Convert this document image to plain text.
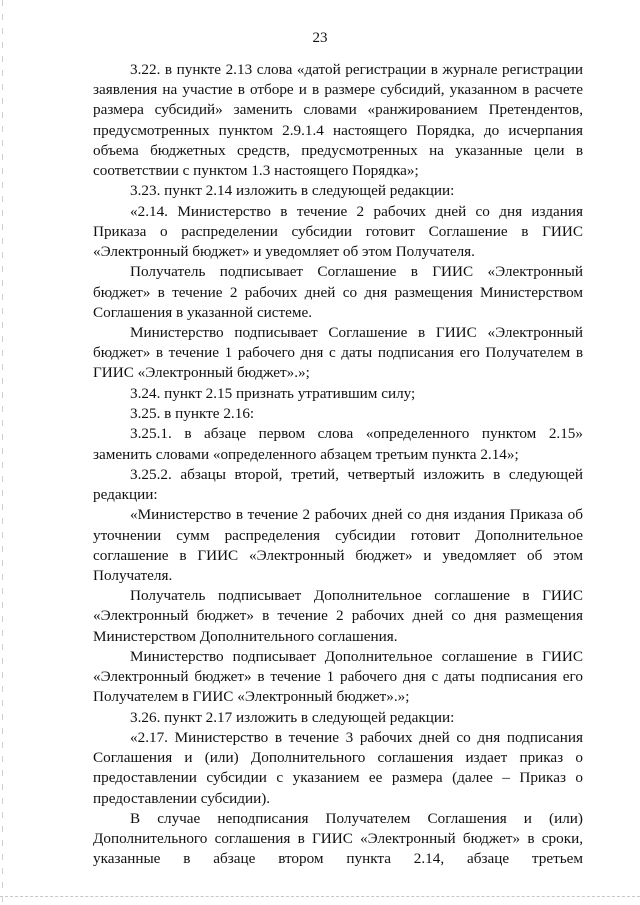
23

3.22. в пункте 2.13 слова «датой регистрации в журнале регистрации заявления на участие в отборе и в размере субсидий, указанном в расчете размера субсидий» заменить словами «ранжированием Претендентов, предусмотренных пунктом 2.9.1.4 настоящего Порядка, до исчерпания объема бюджетных средств, предусмотренных на указанные цели в соответствии с пунктом 1.3 настоящего Порядка»;

3.23. пункт 2.14 изложить в следующей редакции:

«2.14. Министерство в течение 2 рабочих дней со дня издания Приказа о распределении субсидии готовит Соглашение в ГИИС «Электронный бюджет» и уведомляет об этом Получателя.

Получатель подписывает Соглашение в ГИИС «Электронный бюджет» в течение 2 рабочих дней со дня размещения Министерством Соглашения в указанной системе.

Министерство подписывает Соглашение в ГИИС «Электронный бюджет» в течение 1 рабочего дня с даты подписания его Получателем в ГИИС «Электронный бюджет».»;

3.24. пункт 2.15 признать утратившим силу;

3.25. в пункте 2.16:

3.25.1. в абзаце первом слова «определенного пунктом 2.15» заменить словами «определенного абзацем третьим пункта 2.14»;

3.25.2. абзацы второй, третий, четвертый изложить в следующей редакции:

«Министерство в течение 2 рабочих дней со дня издания Приказа об уточнении сумм распределения субсидии готовит Дополнительное соглашение в ГИИС «Электронный бюджет» и уведомляет об этом Получателя.

Получатель подписывает Дополнительное соглашение в ГИИС «Электронный бюджет» в течение 2 рабочих дней со дня размещения Министерством Дополнительного соглашения.

Министерство подписывает Дополнительное соглашение в ГИИС «Электронный бюджет» в течение 1 рабочего дня с даты подписания его Получателем в ГИИС «Электронный бюджет».»;

3.26. пункт 2.17 изложить в следующей редакции:

«2.17. Министерство в течение 3 рабочих дней со дня подписания Соглашения и (или) Дополнительного соглашения издает приказ о предоставлении субсидии с указанием ее размера (далее – Приказ о предоставлении субсидии).

В случае неподписания Получателем Соглашения и (или) Дополнительного соглашения в ГИИС «Электронный бюджет» в сроки, указанные в абзаце втором пункта 2.14, абзаце третьем
